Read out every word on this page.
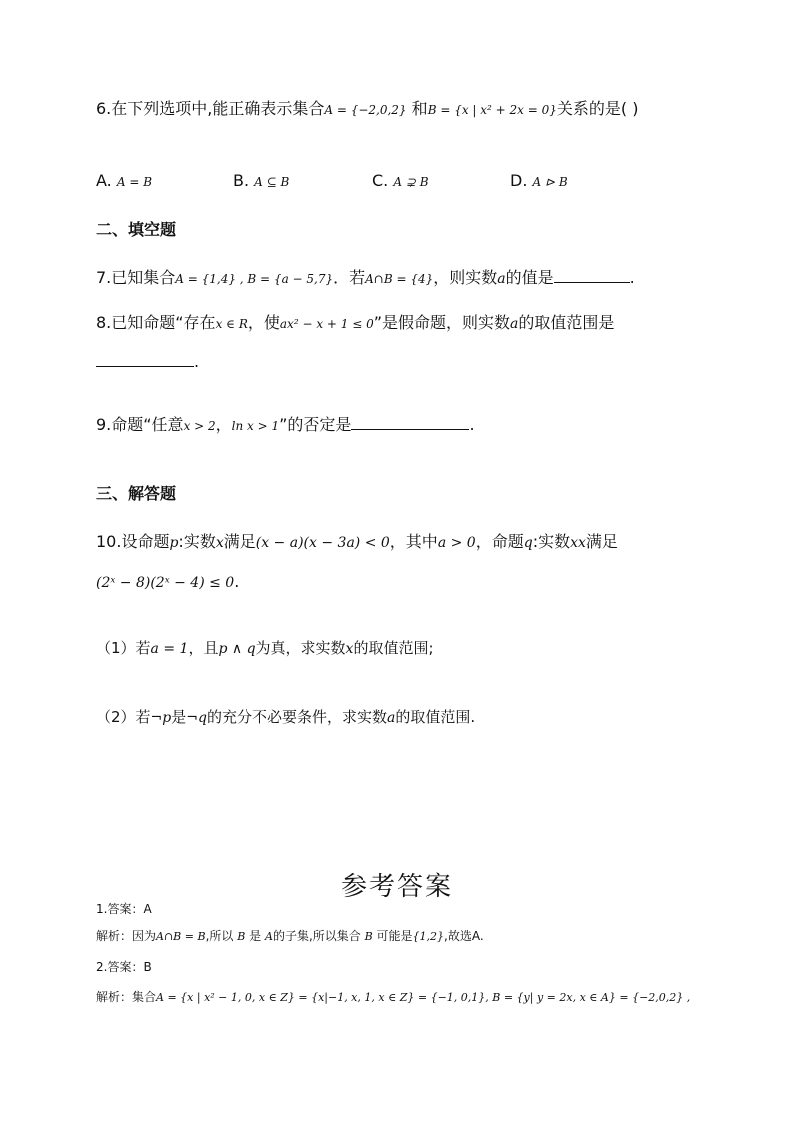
6.在下列选项中,能正确表示集合A = {−2,0,2} 和B = {x | x² + 2x = 0}关系的是( )
A. A = B	B. A ⊆ B	C. A ⊋ B	D. A ⊳ B
二、填空题
7.已知集合A = {1,4} , B = {a − 5,7}．若A∩B = {4}，则实数a的值是	.
8.已知命题“存在x ∈ R，使ax² − x + 1 ≤ 0”是假命题，则实数a的取值范围是
.
9.命题“任意x > 2，ln x > 1”的否定是	.
三、解答题
10.设命题p:实数x满足(x − a)(x − 3a) < 0，其中a > 0，命题q:实数xx满足
(2ˣ − 8)(2ˣ − 4) ≤ 0.
（1）若a = 1，且p ∧ q为真，求实数x的取值范围;
（2）若¬p是¬q的充分不必要条件，求实数a的取值范围.
参考答案
1.答案：A
解析：因为A∩B = B,所以 B 是 A的子集,所以集合 B 可能是{1,2},故选A.
2.答案：B
解析：集合A = {x | x² − 1, 0, x ∈ Z} = {x|−1, x, 1, x ∈ Z} = {−1, 0,1}, B = {y| y = 2x, x ∈ A} = {−2,0,2} ,
